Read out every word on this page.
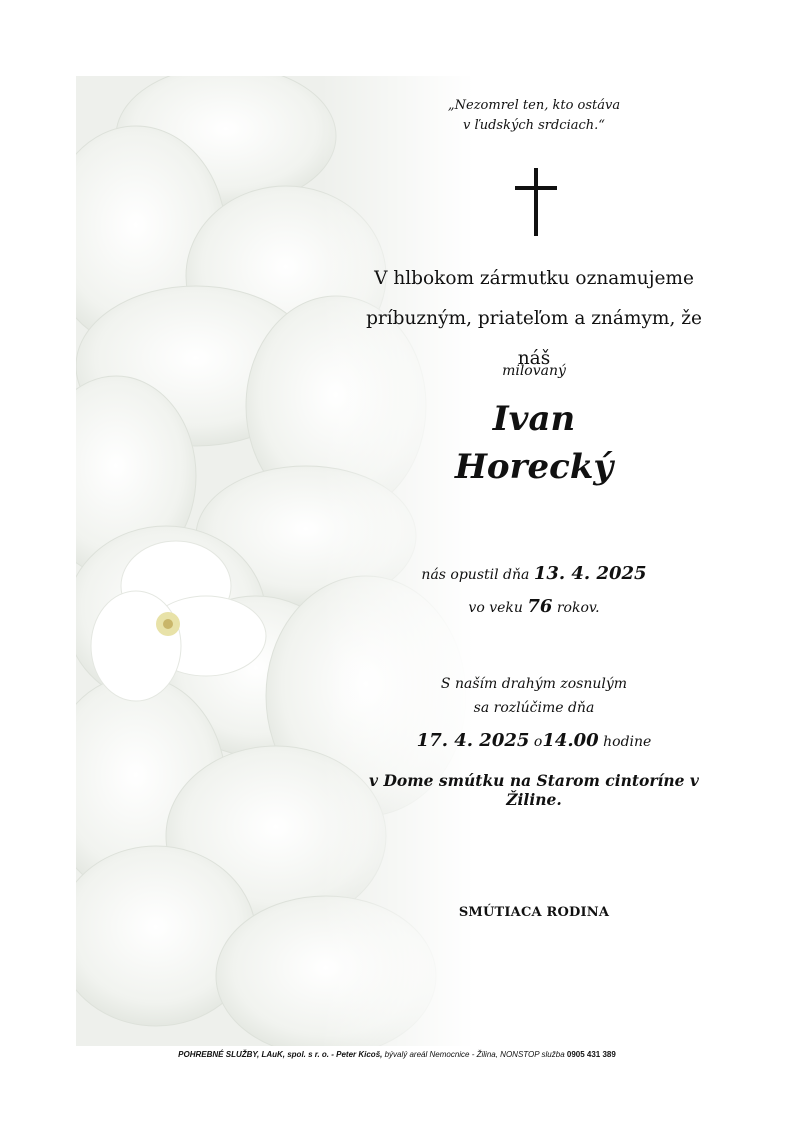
„Nezomrel ten, kto ostáva
v ľudských srdciach.“
V hlbokom zármutku oznamujeme
príbuzným, priateľom a známym, že náš
milovaný
Ivan
Horecký
nás opustil dňa 13. 4. 2025
vo veku 76 rokov.
S naším drahým zosnulým
sa rozlúčime dňa
17. 4. 2025 o14.00 hodine
v Dome smútku na Starom cintoríne v Žiline.
SMÚTIACA RODINA
POHREBNÉ SLUŽBY, LAuK, spol. s r. o. - Peter Kicoš, bývalý areál Nemocnice - Žilina, NONSTOP služba 0905 431 389
